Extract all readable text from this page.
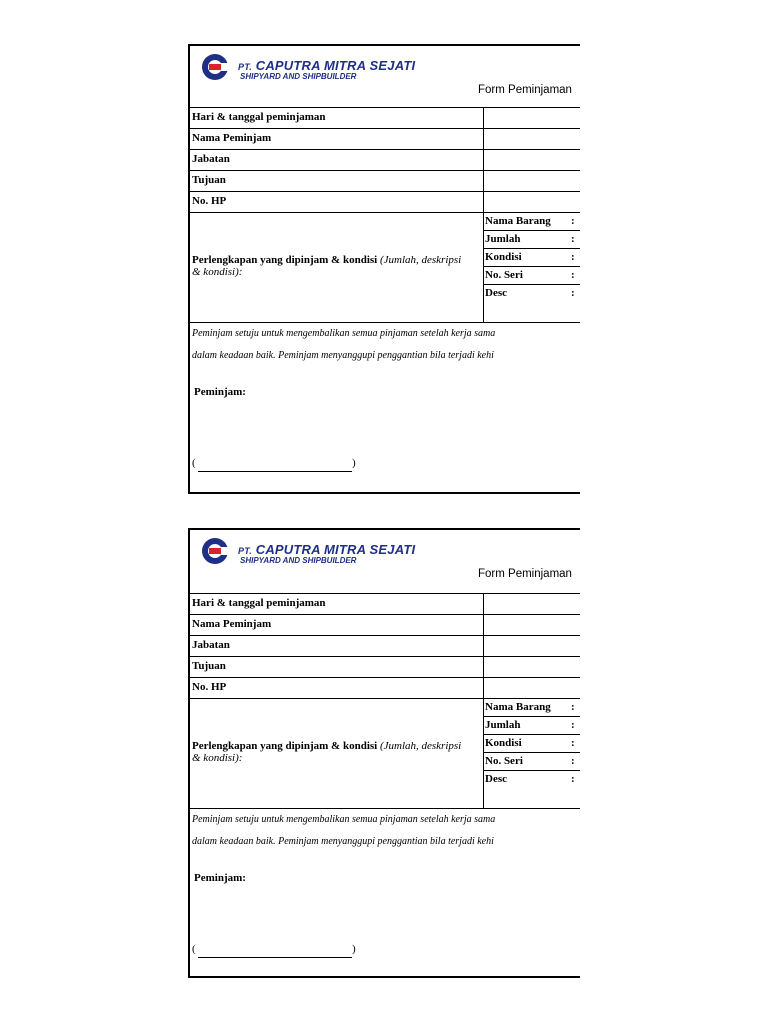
PT. CAPUTRA MITRA SEJATI
SHIPYARD AND SHIPBUILDER
Form Peminjaman
Hari & tanggal peminjaman
Nama Peminjam
Jabatan
Tujuan
No. HP
Perlengkapan yang dipinjam & kondisi (Jumlah, deskripsi & kondisi):
Nama Barang :
Jumlah	:
Kondisi	:
No. Seri	:
Desc	:
Peminjam setuju untuk mengembalikan semua pinjaman setelah kerja sama
dalam keadaan baik. Peminjam menyanggupi penggantian bila terjadi kehi
Peminjam:
(	)
PT. CAPUTRA MITRA SEJATI
SHIPYARD AND SHIPBUILDER
Form Peminjaman
Hari & tanggal peminjaman
Nama Peminjam
Jabatan
Tujuan
No. HP
Perlengkapan yang dipinjam & kondisi (Jumlah, deskripsi & kondisi):
Nama Barang :
Jumlah	:
Kondisi	:
No. Seri	:
Desc	:
Peminjam setuju untuk mengembalikan semua pinjaman setelah kerja sama
dalam keadaan baik. Peminjam menyanggupi penggantian bila terjadi kehi
Peminjam:
(	)
